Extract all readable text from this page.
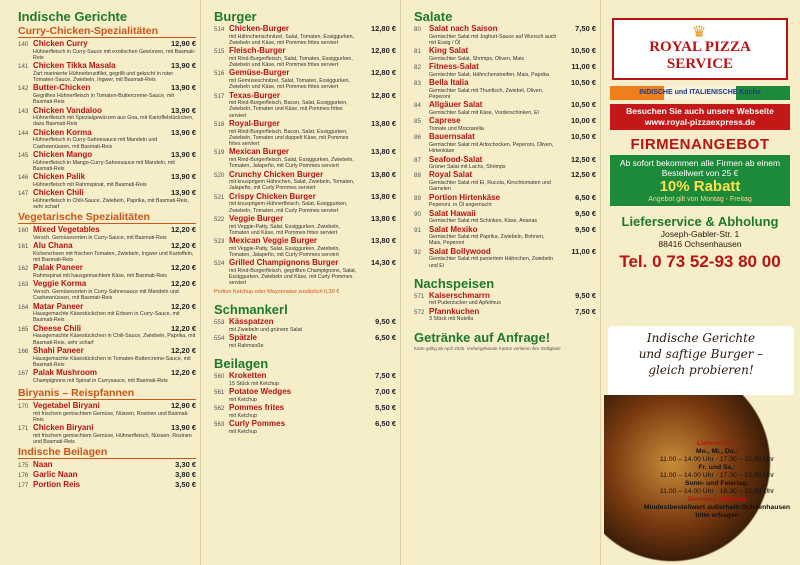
Indische Gerichte
Curry-Chicken-Spezialitäten
140 Chicken Curry	12,90 €
Hühnerfleisch in Curry-Sauce mit exotischen Gewürzen, mit Basmati-Reis
141 Chicken Tikka Masala	13,90 €
Zart marinierte Hühnerbrustfilet, gegrillt und gekocht in roter Tomaten-Sauce, Zwiebeln, Ingwer, mit Basmati-Reis
142 Butter-Chicken	13,90 €
Gegrilltes Hühnerfleisch in Tomaten-Buttercreme-Sauce, mit Basmati-Reis
143 Chicken Vandaloo	13,90 €
Hühnerfleisch mit Spezialgewürzen aus Goa, mit Kartoffelstückchen, dazu Basmati-Reis
144 Chicken Korma	13,90 €
Hühnerfleisch in Curry-Sahnesauce mit Mandeln und Cashewnüssen, mit Basmati-Reis
145 Chicken Mango	13,90 €
Hühnerfleisch in Mango-Curry-Sahnesauce mit Mandeln, mit Basmati-Reis
146 Chicken Palik	13,90 €
Hühnerfleisch mit Rahmspinat, mit Basmati-Reis
147 Chicken Chili	13,90 €
Hühnerfleisch in Chili-Sauce, Zwiebeln, Paprika, mit Basmati-Reis, sehr scharf
Vegetarische Spezialitäten
160 Mixed Vegetables	12,20 €
Versch. Gemüsesorten in Curry-Sauce, mit Basmati-Reis
161 Alu Chana	12,20 €
Kichererbsen mit frischen Tomaten, Zwiebeln, Ingwer und Kartoffeln, mit Basmati-Reis
162 Palak Paneer	12,20 €
Rahmspinat mit hausgemachtem Käse, mit Basmati-Reis
163 Veggie Korma	12,20 €
Versch. Gemüsesorten in Curry-Sahnesauce mit Mandeln und Cashewnüssen, mit Basmati-Reis
164 Matar Paneer	12,20 €
Hausgemachte Käsestückchen mit Erbsen in Curry-Sauce, mit Basmati-Reis
165 Cheese Chili	12,20 €
Hausgemachte Käsestückchen in Chili-Sauce, Zwiebeln, Paprika, mit Basmati-Reis, sehr scharf
166 Shahi Paneer	12,20 €
Hausgemachte Käsestückchen in Tomaten-Buttercreme-Sauce, mit Basmati-Reis
167 Palak Mushroom	12,20 €
Champignons mit Spinat in Currysauce, mit Basmati-Reis
Biryanis – Reispfannen
170 Vegetabel Biryani	12,90 €
mit frischem gemischtem Gemüse, Nüssen, Rosinen und Basmati-Reis
171 Chicken Biryani	13,90 €
mit frischem gemischtem Gemüse, Hühnerfleisch, Nüssen, Rosinen und Basmati-Reis
Indische Beilagen
175 Naan	3,30 €
176 Garlic Naan	3,80 €
177 Portion Reis	3,50 €
Burger
514 Chicken-Burger	12,80 €
mit Hähnchenschnitzel, Salat, Tomaten, Essiggurken, Zwiebeln und Käse, mit Pommes frites serviert
515 Fleisch-Burger	12,80 €
mit Rind-Burgerfleisch, Salat, Tomaten, Essiggurken, Zwiebeln und Käse, mit Pommes frites serviert
516 Gemüse-Burger	12,80 €
mit Gemüseschnitzel, Salat, Tomaten, Essiggurken, Zwiebeln und Käse, mit Pommes frites serviert
517 Texas-Burger	12,80 €
mit Rind-Burgerfleisch, Bacon, Salat, Essiggurken, Zwiebeln, Tomaten und Käse, mit Pommes frites serviert
518 Royal-Burger	13,80 €
mit Rind-Burgerfleisch, Bacon, Salat, Essiggurken, Zwiebeln, Tomaten und doppelt Käse, mit Pommes frites serviert
519 Mexican Burger	13,80 €
mit Rind-Burgerfleisch, Salat, Essiggurken, Zwiebeln, Tomaten, Jalapeño, mit Curly Pommes serviert
520 Crunchy Chicken Burger	13,80 €
mit knusprigem Hähnchen, Salat, Zwiebeln, Tomaten, Jalapeño, mit Curly Pommes serviert
521 Crispy Chicken Burger	13,80 €
mit knusprigem Hühnerfleisch, Salat, Essiggurken, Zwiebeln, Tomaten, mit Curly Pommes serviert
522 Veggie Burger	13,80 €
mit Veggie-Patty, Salat, Essiggurken, Zwiebeln, Tomaten und Käse, mit Pommes frites serviert
523 Mexican Veggie Burger	13,80 €
mit Veggie-Patty, Salat, Essiggurken, Zwiebeln, Tomaten, Jalapeño, mit Curly Pommes serviert
524 Grilled Champignons Burger	14,30 €
mit Rind-Burgerfleisch, gegrillten Champignons, Salat, Essiggurken, Zwiebeln und Käse, mit Curly Pommes serviert
Portion Ketchup oder Mayonnaise zusätzlich 0,30 €
Schmankerl
553 Kässpatzen	9,50 €
mit Zwiebeln und grünem Salat
554 Spätzle	6,50 €
mit Rahmsoße
Beilagen
560 Kroketten	7,50 €
15 Stück mit Ketchup
561 Potatoe Wedges	7,00 €
mit Ketchup
562 Pommes frites	5,50 €
mit Ketchup
563 Curly Pommes	6,50 €
mit Ketchup
Salate
80	Salat nach Saison	7,50 €
Gemischter Salat mit Joghurt-Sauce auf Wunsch auch mit Essig / Öl
81	King Salat	10,50 €
Gemischter Salat, Shrimps, Oliven, Mais
82	Fitness-Salat	11,00 €
Gemischter Salat, Hähnchenstreifen, Mais, Paprika
83	Bella Italia	10,50 €
Gemischter Salat mit Thunfisch, Zwiebel, Oliven, Peperoni
84	Allgäuer Salat	10,50 €
Gemischter Salat mit Käse, Vorderschinken, Ei
85	Caprese	10,00 €
Tomate und Mozzarella
86	Bauernsalat	10,50 €
Gemischter Salat mit Artischocken, Peperoni, Oliven, Hirtenkäse
87	Seafood-Salat	12,50 €
Grüner Salat mit Lachs, Shrimps
88	Royal Salat	12,50 €
Gemischter Salat mit Ei, Rucola, Kirschtomaten und Garnelen
89	Portion Hirtenkäse	6,50 €
Peperoni, in Öl angemacht
90	Salat Hawaii	9,50 €
Gemischter Salat mit Schinken, Käse, Ananas
91	Salat Mexiko	9,50 €
Gemischter Salat mit Paprika, Zwiebeln, Bohnen, Mais, Peperoni
92	Salat Bollywood	11,00 €
Gemischter Salat mit paniertem Hähnchen, Zwiebeln und Ei
Nachspeisen
571 Kaiserschmarrn	9,50 €
mit Puderzucker und Apfelmus
572 Pfannkuchen	7,50 €
3 Stück mit Nutella
Getränke auf Anfrage!
Karte gültig ab April 2025. Vorhergehende Karten verlieren ihre Gültigkeit!
♛
ROYAL PIZZA
SERVICE
INDISCHE und ITALIENISCHE Küche
Besuchen Sie auch unsere Webseite
www.royal-pizzaexpress.de
FIRMENANGEBOT
Ab sofort bekommen alle Firmen ab einem Bestellwert von 25 €
10% Rabatt
Angebot gilt von Montag - Freitag
Lieferservice & Abholung
Joseph-Gabler-Str. 1
88416 Ochsenhausen
Tel. 0 73 52-93 80 00
Indische Gerichte
und saftige Burger –
gleich probieren!
Lieferzeiten:
Mo., Mi., Do.:
11.00 – 14.00 Uhr · 17.00 – 22.00 Uhr
Fr. und Sa.:
11.00 – 14.00 Uhr · 17.00 – 23.00 Uhr
Sonn- und Feiertag:
11.00 – 14.00 Uhr · 16.30 – 22.00 Uhr
Dienstag Ruhetag
Mindestbestellwert außerhalb Ochsenhausen
bitte erfragen
